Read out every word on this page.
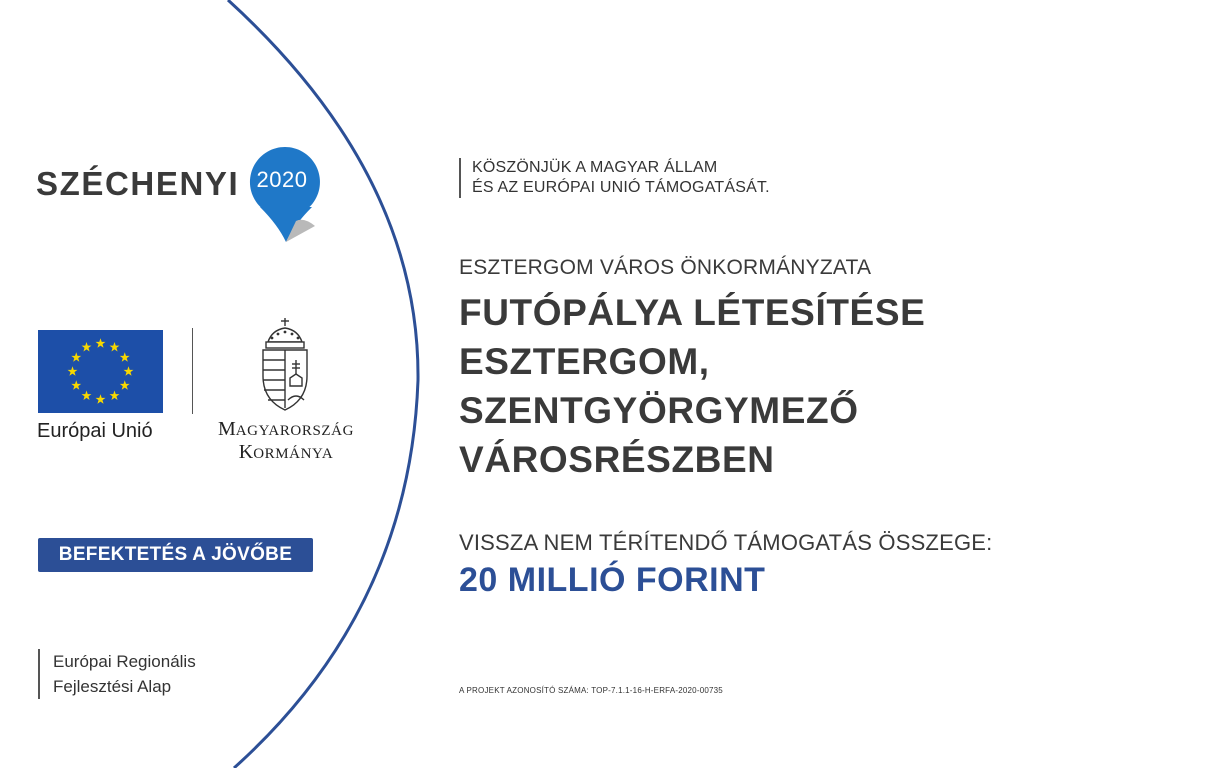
SZÉCHENYI 2020
Európai Unió	MAGYARORSZÁG
KORMÁNYA
BEFEKTETÉS A JÖVŐBE
Európai Regionális
Fejlesztési Alap
KÖSZÖNJÜK A MAGYAR ÁLLAM
ÉS AZ EURÓPAI UNIÓ TÁMOGATÁSÁT.
ESZTERGOM VÁROS ÖNKORMÁNYZATA
FUTÓPÁLYA LÉTESÍTÉSE
ESZTERGOM,
SZENTGYÖRGYMEZŐ
VÁROSRÉSZBEN
VISSZA NEM TÉRÍTENDŐ TÁMOGATÁS ÖSSZEGE:
20 MILLIÓ FORINT
A PROJEKT AZONOSÍTÓ SZÁMA: TOP-7.1.1-16-H-ERFA-2020-00735
